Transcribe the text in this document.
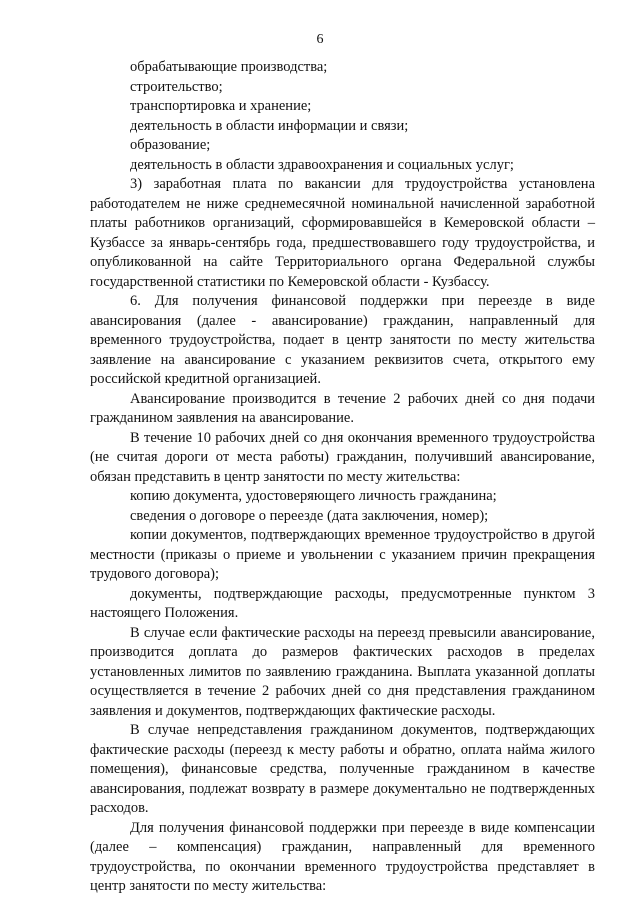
6

обрабатывающие производства;

строительство;

транспортировка и хранение;

деятельность в области информации и связи;

образование;

деятельность в области здравоохранения и социальных услуг;

3) заработная плата по вакансии для трудоустройства установлена работодателем не ниже среднемесячной номинальной начисленной заработной платы работников организаций, сформировавшейся в Кемеровской области – Кузбассе за январь-сентябрь года, предшествовавшего году трудоустройства, и опубликованной на сайте Территориального органа Федеральной службы государственной статистики по Кемеровской области - Кузбассу.

6. Для получения финансовой поддержки при переезде в виде авансирования (далее - авансирование) гражданин, направленный для временного трудоустройства, подает в центр занятости по месту жительства заявление на авансирование с указанием реквизитов счета, открытого ему российской кредитной организацией.

Авансирование производится в течение 2 рабочих дней со дня подачи гражданином заявления на авансирование.

В течение 10 рабочих дней со дня окончания временного трудоустройства (не считая дороги от места работы) гражданин, получивший авансирование, обязан представить в центр занятости по месту жительства:

копию документа, удостоверяющего личность гражданина;

сведения о договоре о переезде (дата заключения, номер);

копии документов, подтверждающих временное трудоустройство в другой местности (приказы о приеме и увольнении с указанием причин прекращения трудового договора);

документы, подтверждающие расходы, предусмотренные пунктом 3 настоящего Положения.

В случае если фактические расходы на переезд превысили авансирование, производится доплата до размеров фактических расходов в пределах установленных лимитов по заявлению гражданина. Выплата указанной доплаты осуществляется в течение 2 рабочих дней со дня представления гражданином заявления и документов, подтверждающих фактические расходы.

В случае непредставления гражданином документов, подтверждающих фактические расходы (переезд к месту работы и обратно, оплата найма жилого помещения), финансовые средства, полученные гражданином в качестве авансирования, подлежат возврату в размере документально не подтвержденных расходов.

Для получения финансовой поддержки при переезде в виде компенсации (далее – компенсация) гражданин, направленный для временного трудоустройства, по окончании временного трудоустройства представляет в центр занятости по месту жительства:
